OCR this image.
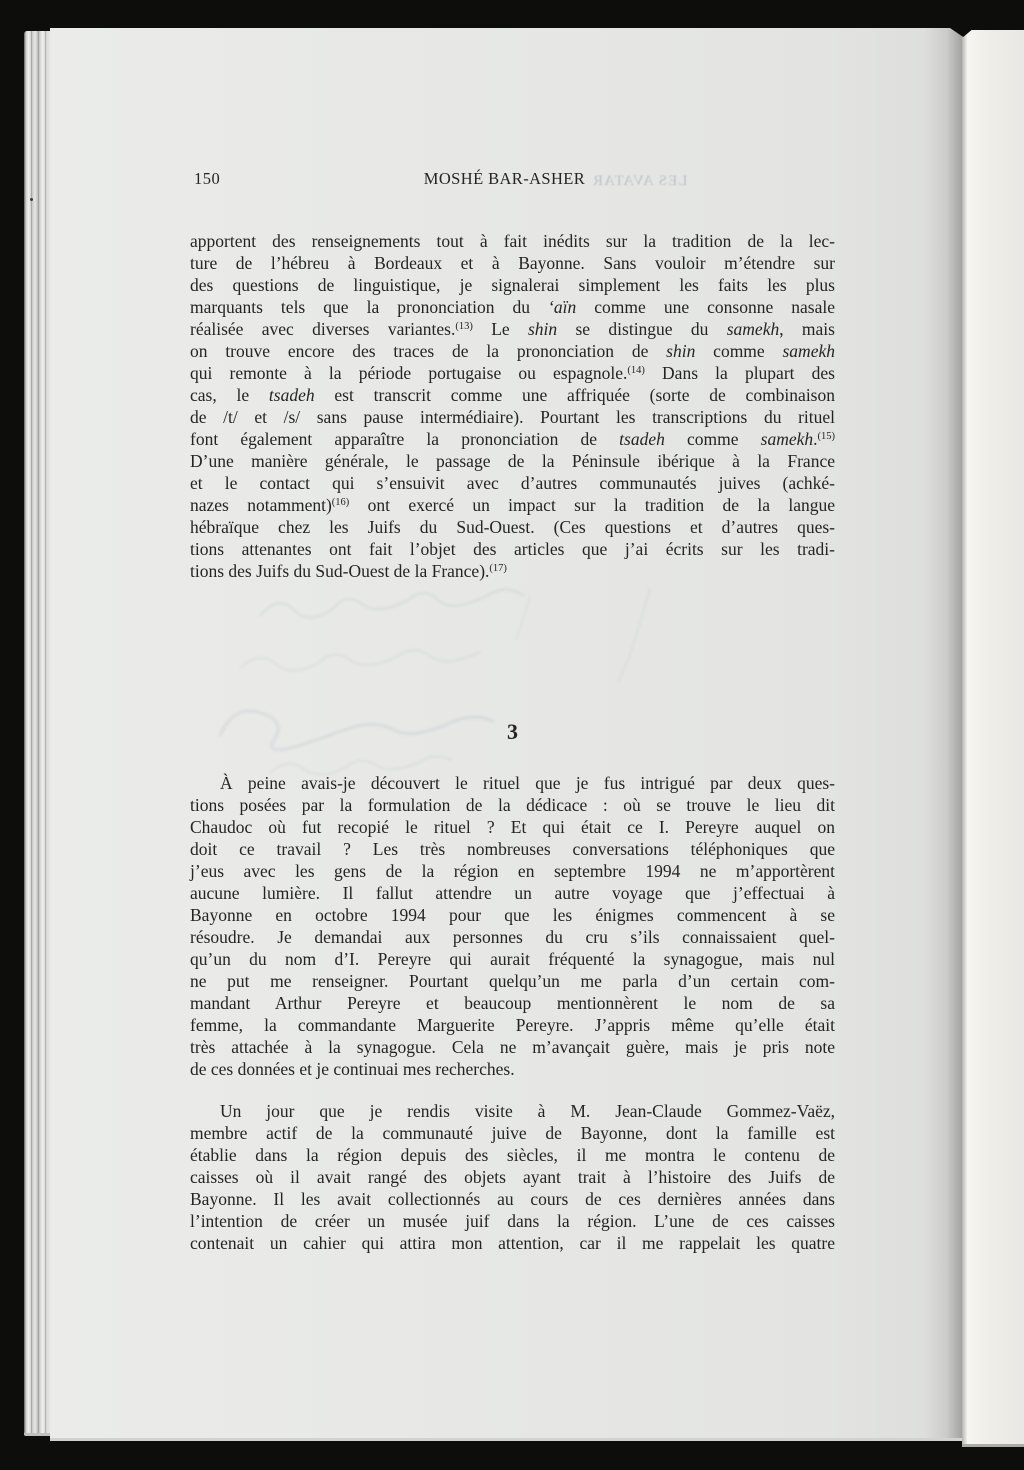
150	MOSHÉ BAR-ASHER LES AVATAR
apportent des renseignements tout à fait inédits sur la tradition de la lec-
ture de l’hébreu à Bordeaux et à Bayonne. Sans vouloir m’étendre sur
des questions de linguistique, je signalerai simplement les faits les plus
marquants tels que la prononciation du ‘aïn comme une consonne nasale
réalisée avec diverses variantes.$^{(13)}$ Le shin se distingue du samekh, mais
on trouve encore des traces de la prononciation de shin comme samekh
qui remonte à la période portugaise ou espagnole.$^{(14)}$ Dans la plupart des
cas, le tsadeh est transcrit comme une affriquée (sorte de combinaison
de /t/ et /s/ sans pause intermédiaire). Pourtant les transcriptions du rituel
font également apparaître la prononciation de tsadeh comme samekh.$^{(15)}$
D’une manière générale, le passage de la Péninsule ibérique à la France
et le contact qui s’ensuivit avec d’autres communautés juives (achké-
nazes notamment)$^{(16)}$ ont exercé un impact sur la tradition de la langue
hébraïque chez les Juifs du Sud-Ouest. (Ces questions et d’autres ques-
tions attenantes ont fait l’objet des articles que j’ai écrits sur les tradi-
tions des Juifs du Sud-Ouest de la France).$^{(17)}$
3
À peine avais-je découvert le rituel que je fus intrigué par deux ques-
tions posées par la formulation de la dédicace : où se trouve le lieu dit
Chaudoc où fut recopié le rituel ? Et qui était ce I. Pereyre auquel on
doit ce travail ? Les très nombreuses conversations téléphoniques que
j’eus avec les gens de la région en septembre 1994 ne m’apportèrent
aucune lumière. Il fallut attendre un autre voyage que j’effectuai à
Bayonne en octobre 1994 pour que les énigmes commencent à se
résoudre. Je demandai aux personnes du cru s’ils connaissaient quel-
qu’un du nom d’I. Pereyre qui aurait fréquenté la synagogue, mais nul
ne put me renseigner. Pourtant quelqu’un me parla d’un certain com-
mandant Arthur Pereyre et beaucoup mentionnèrent le nom de sa
femme, la commandante Marguerite Pereyre. J’appris même qu’elle était
très attachée à la synagogue. Cela ne m’avançait guère, mais je pris note
de ces données et je continuai mes recherches.
Un jour que je rendis visite à M. Jean-Claude Gommez-Vaëz,
membre actif de la communauté juive de Bayonne, dont la famille est
établie dans la région depuis des siècles, il me montra le contenu de
caisses où il avait rangé des objets ayant trait à l’histoire des Juifs de
Bayonne. Il les avait collectionnés au cours de ces dernières années dans
l’intention de créer un musée juif dans la région. L’une de ces caisses
contenait un cahier qui attira mon attention, car il me rappelait les quatre
